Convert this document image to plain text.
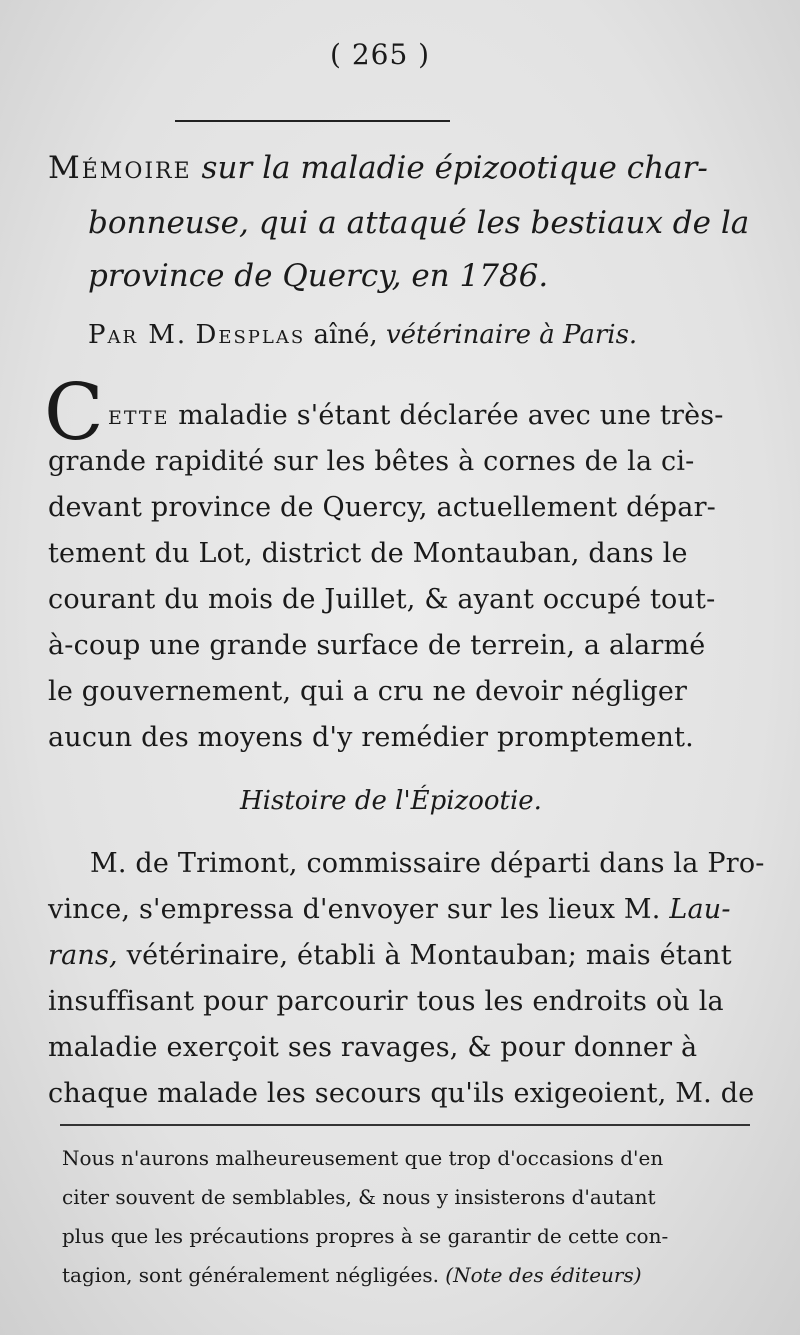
( 265 )
Mémoire sur la maladie épizootique char-
bonneuse, qui a attaqué les bestiaux de la
province de Quercy, en 1786.
Par M. Desplas aîné, vétérinaire à Paris.
C ette maladie s'étant déclarée avec une très-
grande rapidité sur les bêtes à cornes de la ci-
devant province de Quercy, actuellement dépar-
tement du Lot, district de Montauban, dans le
courant du mois de Juillet, & ayant occupé tout-
à-coup une grande surface de terrein, a alarmé
le gouvernement, qui a cru ne devoir négliger
aucun des moyens d'y remédier promptement.
Histoire de l'Épizootie.
M. de Trimont, commissaire départi dans la Pro-
vince, s'empressa d'envoyer sur les lieux M. Lau-
rans, vétérinaire, établi à Montauban; mais étant
insuffisant pour parcourir tous les endroits où la
maladie exerçoit ses ravages, & pour donner à
chaque malade les secours qu'ils exigeoient, M. de
Nous n'aurons malheureusement que trop d'occasions d'en
citer souvent de semblables, & nous y insisterons d'autant
plus que les précautions propres à se garantir de cette con-
tagion, sont généralement négligées. (Note des éditeurs)
